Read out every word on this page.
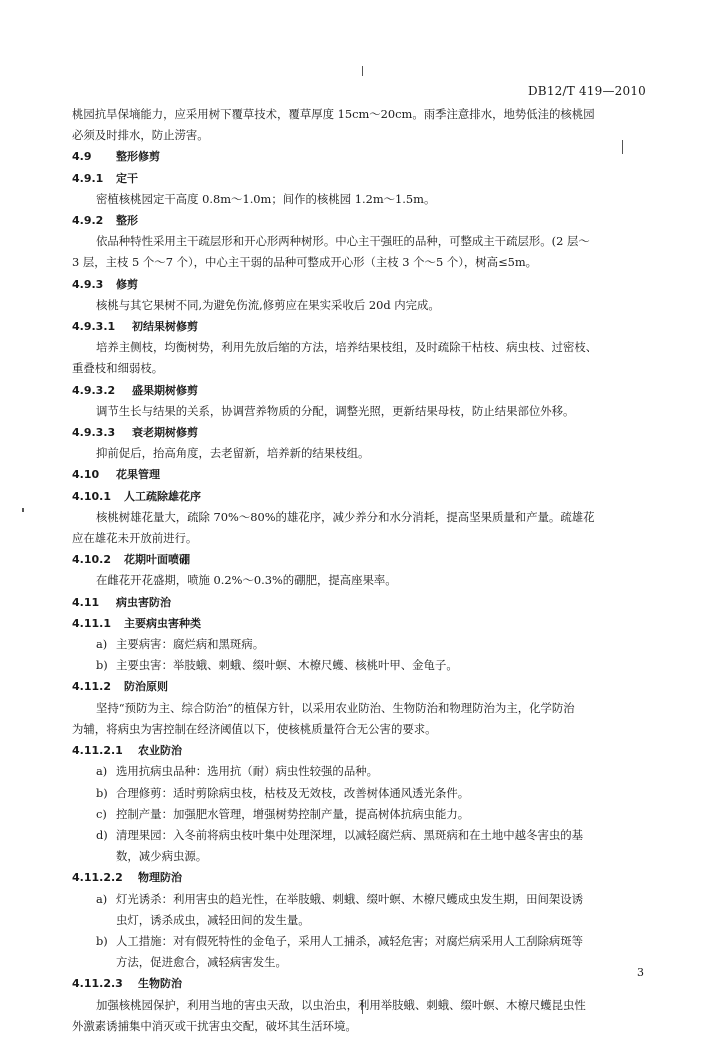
DB12/T 419—2010
桃园抗旱保墒能力，应采用树下覆草技术，覆草厚度 15cm～20cm。雨季注意排水，地势低洼的核桃园
必须及时排水，防止涝害。
4.9 整形修剪
4.9.1 定干
密植核桃园定干高度 0.8m～1.0m；间作的核桃园 1.2m～1.5m。
4.9.2 整形
依品种特性采用主干疏层形和开心形两种树形。中心主干强旺的品种，可整成主干疏层形。(2 层～
3 层，主枝 5 个～7 个），中心主干弱的品种可整成开心形（主枝 3 个～5 个），树高≤5m。
4.9.3 修剪
核桃与其它果树不同,为避免伤流,修剪应在果实采收后 20d 内完成。
4.9.3.1 初结果树修剪
培养主侧枝，均衡树势，利用先放后缩的方法，培养结果枝组，及时疏除干枯枝、病虫枝、过密枝、
重叠枝和细弱枝。
4.9.3.2 盛果期树修剪
调节生长与结果的关系，协调营养物质的分配，调整光照，更新结果母枝，防止结果部位外移。
4.9.3.3 衰老期树修剪
抑前促后，抬高角度，去老留新，培养新的结果枝组。
4.10 花果管理
4.10.1 人工疏除雄花序
核桃树雄花量大，疏除 70%～80%的雄花序，减少养分和水分消耗，提高坚果质量和产量。疏雄花
应在雄花未开放前进行。
4.10.2 花期叶面喷硼
在雌花开花盛期，喷施 0.2%～0.3%的硼肥，提高座果率。
4.11 病虫害防治
4.11.1 主要病虫害种类
a) 主要病害：腐烂病和黑斑病。
b) 主要虫害：举肢蛾、刺蛾、缀叶螟、木橑尺蠖、核桃叶甲、金龟子。
4.11.2 防治原则
坚持“预防为主、综合防治”的植保方针，以采用农业防治、生物防治和物理防治为主，化学防治
为辅，将病虫为害控制在经济阈值以下，使核桃质量符合无公害的要求。
4.11.2.1 农业防治
a) 选用抗病虫品种：选用抗（耐）病虫性较强的品种。
b) 合理修剪：适时剪除病虫枝，枯枝及无效枝，改善树体通风透光条件。
c) 控制产量：加强肥水管理，增强树势控制产量，提高树体抗病虫能力。
d) 清理果园：入冬前将病虫枝叶集中处理深埋，以减轻腐烂病、黑斑病和在土地中越冬害虫的基
数，减少病虫源。
4.11.2.2 物理防治
a) 灯光诱杀：利用害虫的趋光性，在举肢蛾、刺蛾、缀叶螟、木橑尺蠖成虫发生期，田间架设诱
虫灯，诱杀成虫，减轻田间的发生量。
b) 人工措施：对有假死特性的金龟子，采用人工捕杀，减轻危害；对腐烂病采用人工刮除病斑等
方法，促进愈合，减轻病害发生。
4.11.2.3 生物防治
加强核桃园保护，利用当地的害虫天敌，以虫治虫，利用举肢蛾、刺蛾、缀叶螟、木橑尺蠖昆虫性
外激素诱捕集中消灭或干扰害虫交配，破坏其生活环境。
3
